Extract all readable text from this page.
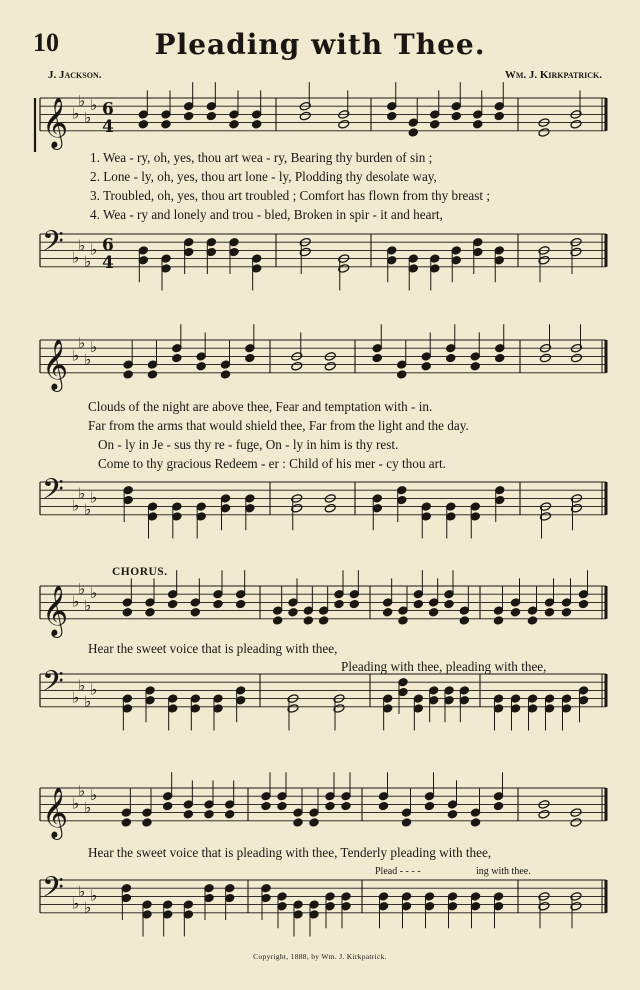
10	Pleading with Thee.
J. Jackson.	Wm. J. Kirkpatrick.
𝄞 ♭
♭
♭
♭ 6
4
1. Wea - ry, oh, yes, thou art wea - ry, Bearing thy burden of sin ;
2. Lone - ly, oh, yes, thou art lone - ly, Plodding thy desolate way,
3. Troubled, oh, yes, thou art troubled ; Comfort has flown from thy breast ;
4. Wea - ry and lonely and trou - bled, Broken in spir - it and heart,
𝄢 ♭
♭
♭
♭ 6
4
𝄞 ♭
♭
♭
♭
Clouds of the night are above thee, Fear and temptation with - in.
Far from the arms that would shield thee, Far from the light and the day.
On - ly in Je - sus thy re - fuge, On - ly in him is thy rest.
Come to thy gracious Redeem - er : Child of his mer - cy thou art.
𝄢 ♭
♭
♭
♭
CHORUS.
𝄞 ♭
♭
♭
♭
Hear the sweet voice that is pleading with thee,
Pleading with thee, pleading with thee,
𝄢 ♭
♭
♭
♭
𝄞 ♭
♭
♭
♭
Hear the sweet voice that is pleading with thee, Tenderly pleading with thee,
Plead - - - -	ing with thee.
𝄢 ♭
♭
♭
♭
Copyright, 1888, by Wm. J. Kirkpatrick.
